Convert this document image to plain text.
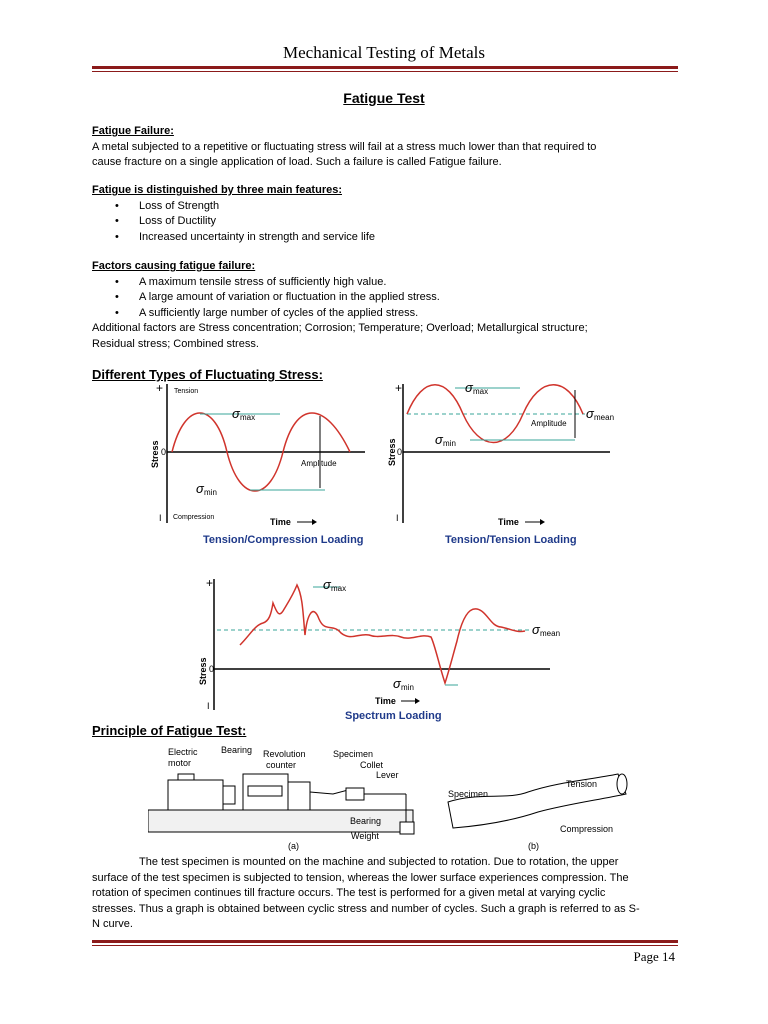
Mechanical Testing of Metals
Fatigue Test
Fatigue Failure:
A metal subjected to a repetitive or fluctuating stress will fail at a stress much lower than that required to
cause fracture on a single application of load. Such a failure is called Fatigue failure.
Fatigue is distinguished by three main features:
• Loss of Strength
• Loss of Ductility
• Increased uncertainty in strength and service life
Factors causing fatigue failure:
• A maximum tensile stress of sufficiently high value.
• A large amount of variation or fluctuation in the applied stress.
• A sufficiently large number of cycles of the applied stress.
Additional factors are Stress concentration; Corrosion; Temperature; Overload; Metallurgical structure;
Residual stress; Combined stress.
Different Types of Fluctuating Stress:
+ Tension
Stress 0
σ max
Amplitude
σ min
I Compression	Time
Tension/Compression Loading
+
Stress 0
σ max
σ mean
Amplitude
σ min
I	Time
Tension/Tension Loading
+
Stress 0
σ max
σ mean
σ min
I	Time
Spectrum Loading
Principle of Fatigue Test:
Electric
motor
Bearing Revolution
counter
Specimen
Collet
Lever
Bearing
Weight
(a)
Specimen
Tension
Compression
(b)
The test specimen is mounted on the machine and subjected to rotation. Due to rotation, the upper
surface of the test specimen is subjected to tension, whereas the lower surface experiences compression. The
rotation of specimen continues till fracture occurs. The test is performed for a given metal at varying cyclic
stresses. Thus a graph is obtained between cyclic stress and number of cycles. Such a graph is referred to as S-
N curve.
Page 14
